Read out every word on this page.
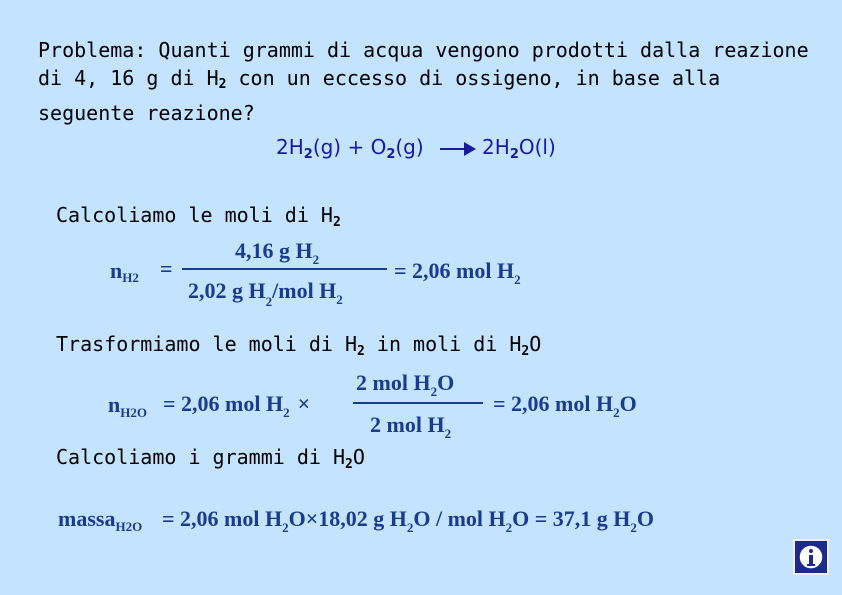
Problema: Quanti grammi di acqua vengono prodotti dalla reazione di 4, 16 g di $H_2$ con un eccesso di ossigeno, in base alla seguente reazione?
$2H_2(g) + O_2(g) \to 2H_2O(l)$
Calcoliamo le moli di $H_2$
nH2 =
4,16 g $H_2$
2,02 g $H_2$/mol $H_2$
= 2,06 mol $H_2$
Trasformiamo le moli di $H_2$ in moli di $H_2O$
$n_{H2O} = 2,06$ mol $H_2$ ×
2 mol $H_2O$
2 mol $H_2$
= 2,06 mol $H_2O$
Calcoliamo i grammi di $H_2O$
massa$_{H2O}$ = 2,06 mol $H_2O\times 18,02$ g $H_2O$ / mol $H_2O = 37,1$ g $H_2O$
